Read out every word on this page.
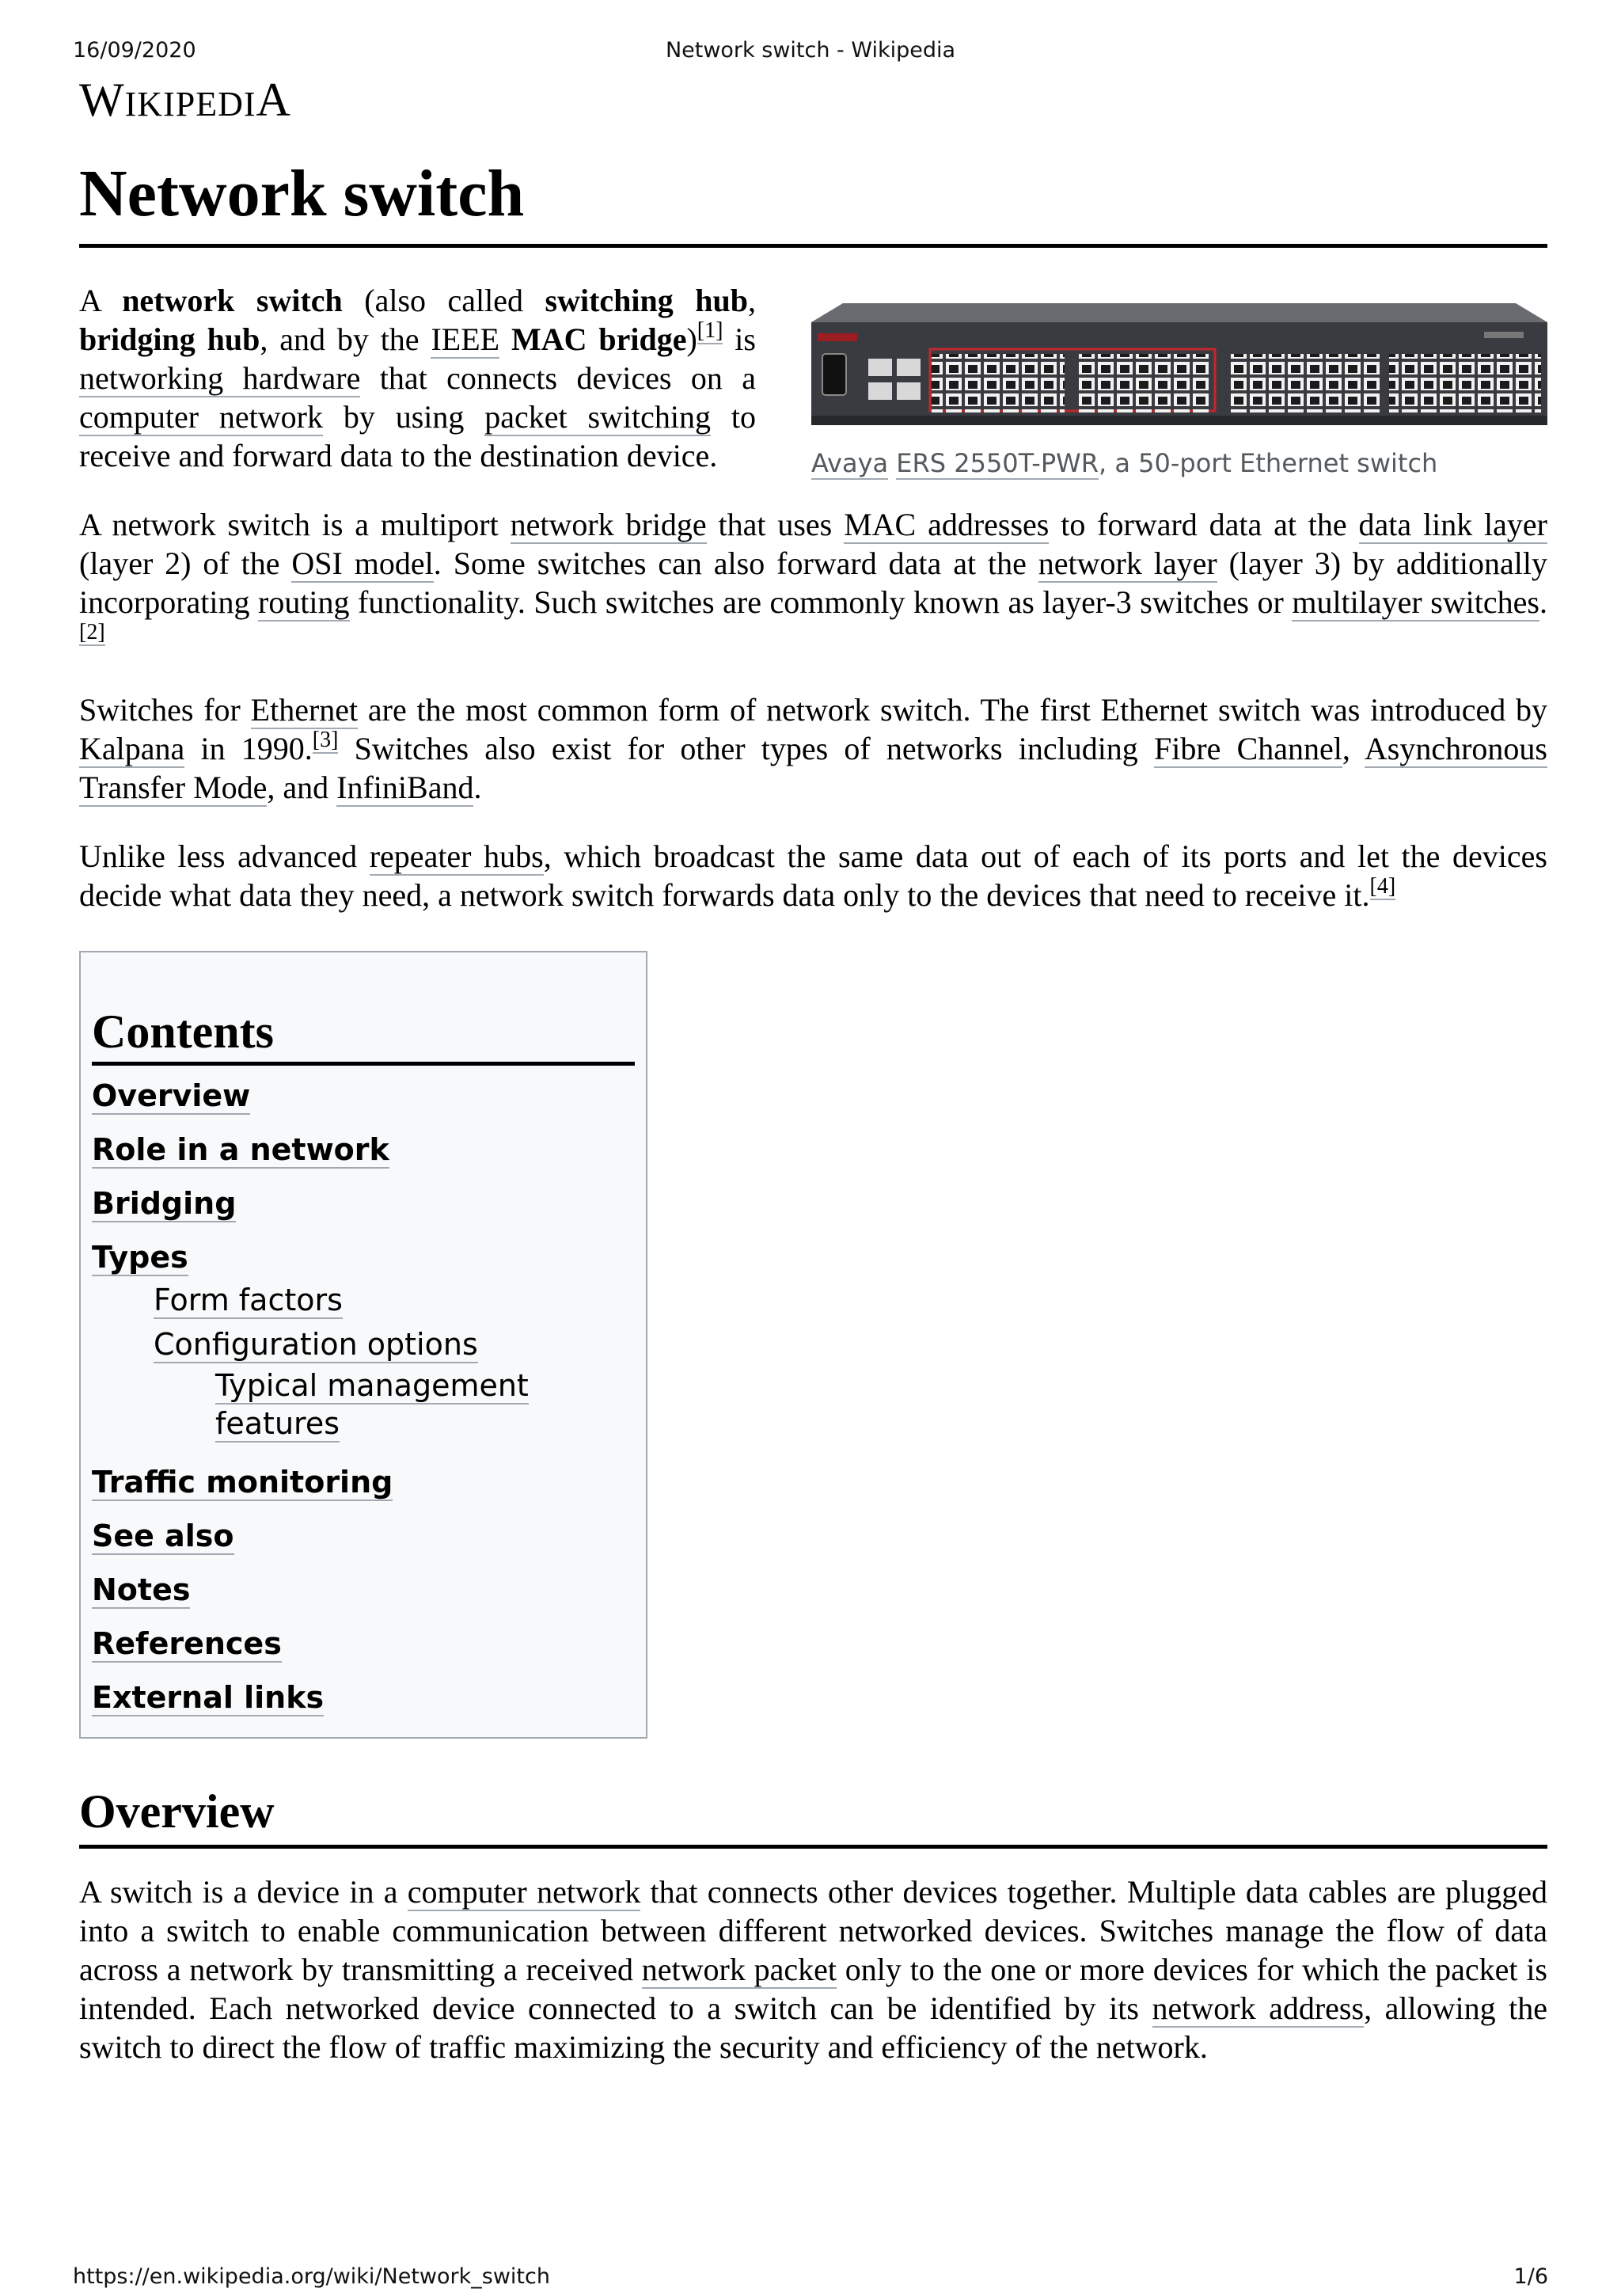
16/09/2020	Network switch - Wikipedia
WIKIPEDIA
Network switch
Avaya ERS 2550T-PWR, a 50-port Ethernet switch

A network switch (also called switching hub, bridging hub, and by the IEEE MAC bridge)[1] is networking hardware that connects devices on a computer network by using packet switching to receive and forward data to the destination device.

A network switch is a multiport network bridge that uses MAC addresses to forward data at the data link layer (layer 2) of the OSI model. Some switches can also forward data at the network layer (layer 3) by additionally incorporating routing functionality. Such switches are commonly known as layer-3 switches or multilayer switches.[2]

Switches for Ethernet are the most common form of network switch. The first Ethernet switch was introduced by Kalpana in 1990.[3] Switches also exist for other types of networks including Fibre Channel, Asynchronous Transfer Mode, and InfiniBand.

Unlike less advanced repeater hubs, which broadcast the same data out of each of its ports and let the devices decide what data they need, a network switch forwards data only to the devices that need to receive it.[4]

Contents
Overview
Role in a network
Bridging
Types
Form factors
Configuration options
Typical management features
Traffic monitoring
See also
Notes
References
External links
Overview

A switch is a device in a computer network that connects other devices together. Multiple data cables are plugged into a switch to enable communication between different networked devices. Switches manage the flow of data across a network by transmitting a received network packet only to the one or more devices for which the packet is intended. Each networked device connected to a switch can be identified by its network address, allowing the switch to direct the flow of traffic maximizing the security and efficiency of the network.

https://en.wikipedia.org/wiki/Network_switch	1/6
